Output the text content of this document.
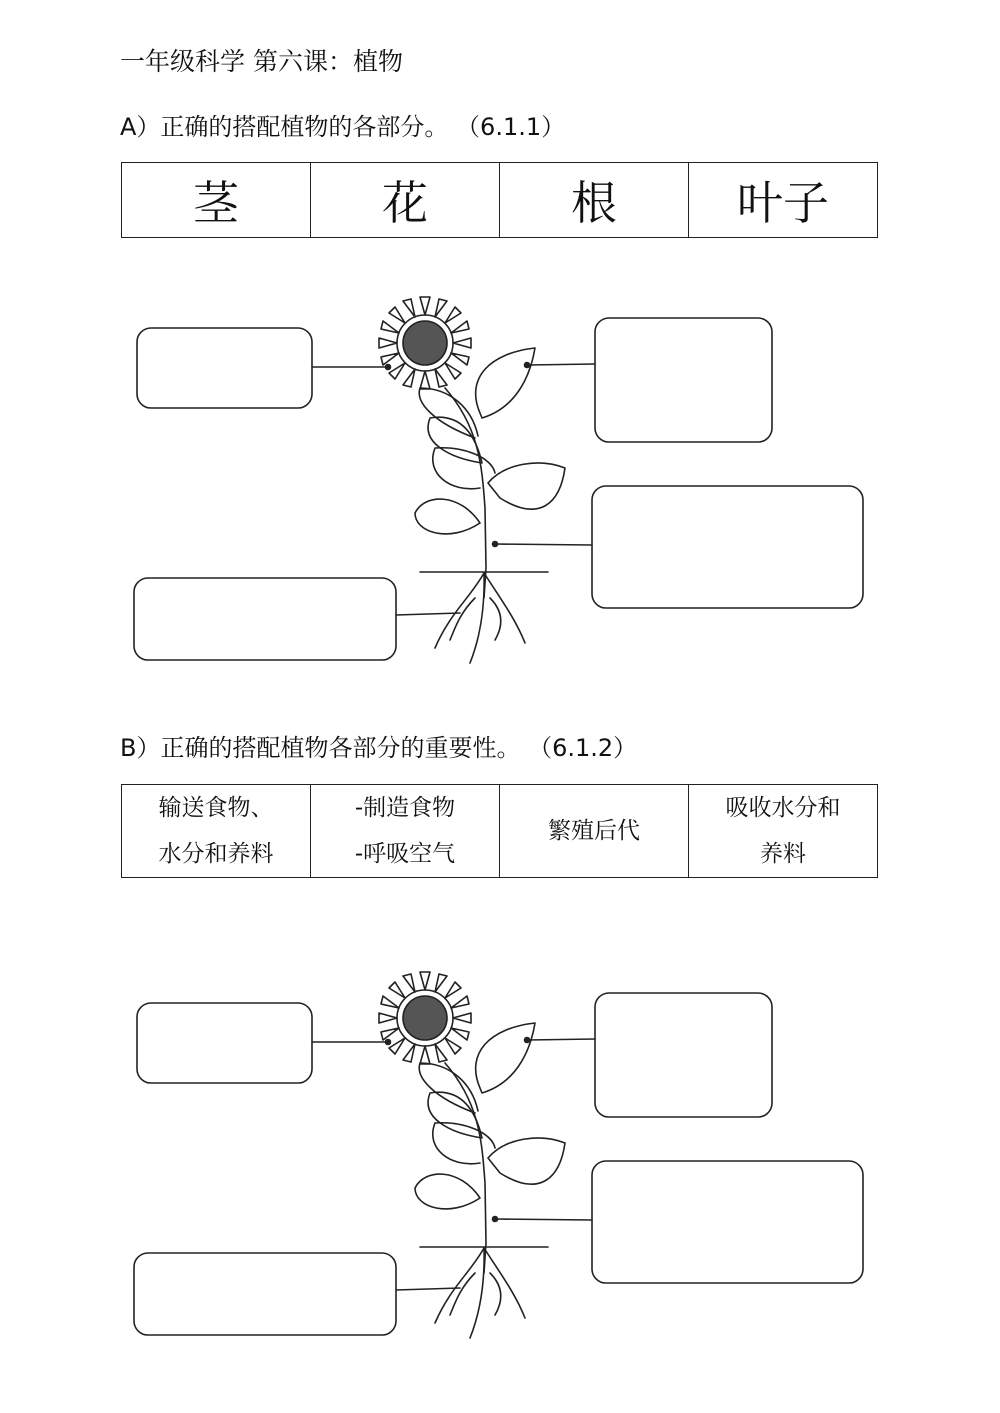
一年级科学 第六课：植物
A）正确的搭配植物的各部分。 （6.1.1）
茎	花	根	叶子
B）正确的搭配植物各部分的重要性。 （6.1.2）
输送食物、
水分和养料

-制造食物
-呼吸空气

繁殖后代

吸收水分和
养料
